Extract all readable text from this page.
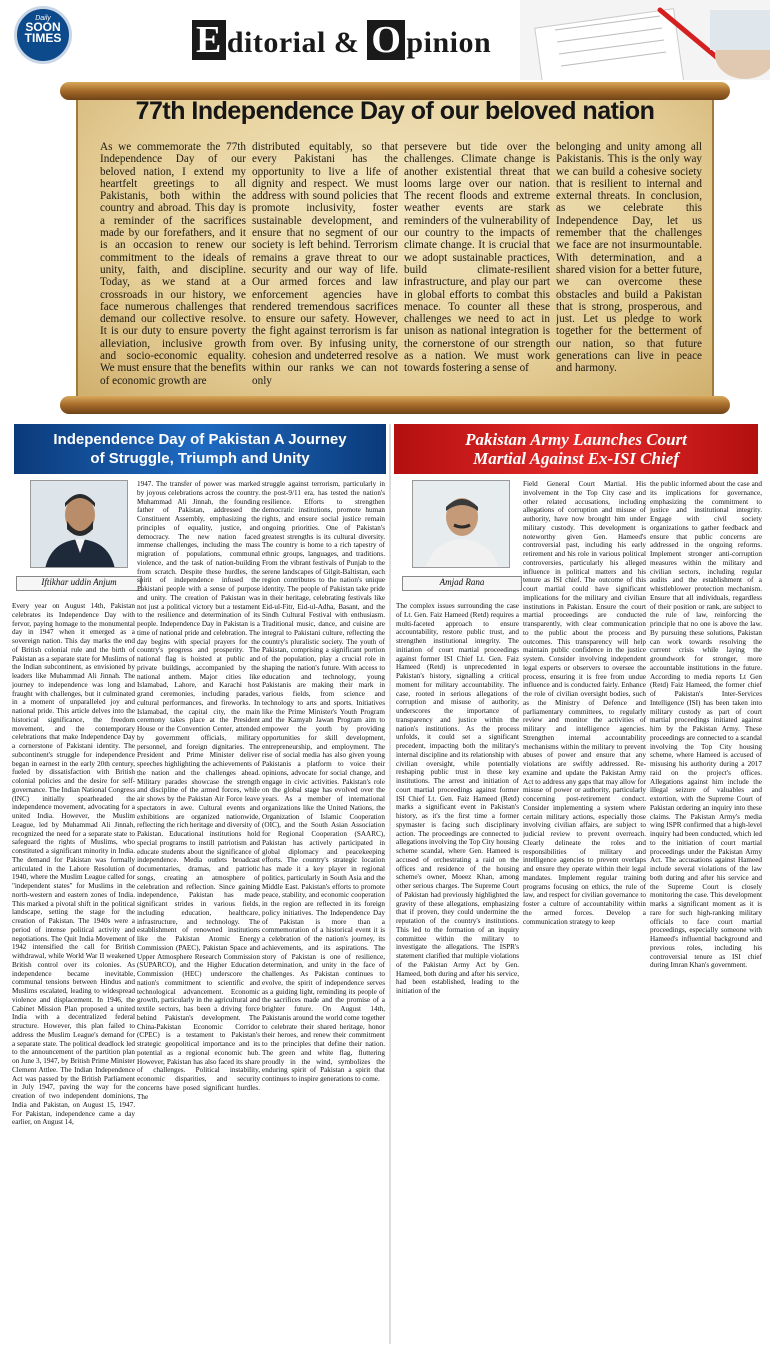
Daily
SOON
TIMES	E ditorial & O pinion
77th Independence Day of our beloved nation
As we commemorate the 77th Independence Day of our beloved nation, I extend my heartfelt greetings to all Pakistanis, both within the country and abroad. This day is a reminder of the sacrifices made by our forefathers, and it is an occasion to renew our commitment to the ideals of unity, faith, and discipline. Today, as we stand at a crossroads in our history, we face numerous challenges that demand our collective resolve. It is our duty to ensure poverty alleviation, inclusive growth and socio-economic equality. We must ensure that the benefits of economic growth are
distributed equitably, so that every Pakistani has the opportunity to live a life of dignity and respect. We must address with sound policies that promote inclusivity, foster sustainable development, and ensure that no segment of our society is left behind. Terrorism remains a grave threat to our security and our way of life. Our armed forces and law enforcement agencies have rendered tremendous sacrifices to ensure our safety. However, the fight against terrorism is far from over. By infusing unity, cohesion and undeterred resolve within our ranks we can not only
persevere but tide over the challenges. Climate change is another existential threat that looms large over our nation. The recent floods and extreme weather events are stark reminders of the vulnerability of our country to the impacts of climate change. It is crucial that we adopt sustainable practices, build climate-resilient infrastructure, and play our part in global efforts to combat this menace. To counter all these challenges we need to act in unison as national integration is the cornerstone of our strength as a nation. We must work towards fostering a sense of
belonging and unity among all Pakistanis. This is the only way we can build a cohesive society that is resilient to internal and external threats. In conclusion, as we celebrate this Independence Day, let us remember that the challenges we face are not insurmountable. With determination, and a shared vision for a better future, we can overcome these obstacles and build a Pakistan that is strong, prosperous, and just. Let us pledge to work together for the betterment of our nation, so that future generations can live in peace and harmony.
Independence Day of Pakistan A Journey
of Struggle, Triumph and Unity
Pakistan Army Launches Court
Martial Against Ex-ISI Chief
Iftikhar uddin Anjum
Every year on August 14th, Pakistan celebrates its Independence Day with fervor, paying homage to the monumental day in 1947 when it emerged as a sovereign nation. This day marks the end of British colonial rule and the birth of Pakistan as a separate state for Muslims of the Indian subcontinent, as envisioned by leaders like Muhammad Ali Jinnah. The journey to independence was long and fraught with challenges, but it culminated in a moment of unparalleled joy and national pride. This article delves into the historical significance, the freedom movement, and the contemporary celebrations that make Independence Day a cornerstone of Pakistani identity. The subcontinent's struggle for independence began in earnest in the early 20th century, fueled by dissatisfaction with British colonial policies and the desire for self-governance. The Indian National Congress (INC) initially spearheaded the independence movement, advocating for a united India. However, the Muslim League, led by Muhammad Ali Jinnah, recognized the need for a separate state to safeguard the rights of Muslims, who constituted a significant minority in India. The demand for Pakistan was formally articulated in the Lahore Resolution of 1940, where the Muslim League called for "independent states" for Muslims in the north-western and eastern zones of India. This marked a pivotal shift in the political landscape, setting the stage for the creation of Pakistan. The 1940s were a period of intense political activity and negotiations. The Quit India Movement of 1942 intensified the call for British withdrawal, while World War II weakened British control over its colonies. As independence became inevitable, communal tensions between Hindus and Muslims escalated, leading to widespread violence and displacement. In 1946, the Cabinet Mission Plan proposed a united India with a decentralized federal structure. However, this plan failed to address the Muslim League's demand for a separate state. The political deadlock led to the announcement of the partition plan on June 3, 1947, by British Prime Minister Clement Attlee. The Indian Independence Act was passed by the British Parliament in July 1947, paving the way for the creation of two independent dominions, India and Pakistan, on August 15, 1947. For Pakistan, independence came a day earlier, on August 14,
1947. The transfer of power was marked by joyous celebrations across the country. Muhammad Ali Jinnah, the founding father of Pakistan, addressed the Constituent Assembly, emphasizing the principles of equality, justice, and democracy. The new nation faced immense challenges, including the mass migration of populations, communal violence, and the task of nation-building from scratch. Despite these hurdles, the spirit of independence infused the Pakistani people with a sense of purpose and unity. The creation of Pakistan was not just a political victory but a testament to the resilience and determination of its people. Independence Day in Pakistan is a time of national pride and celebration. The day begins with special prayers for the country's progress and prosperity. The national flag is hoisted at public and private buildings, accompanied by the national anthem. Major cities like Islamabad, Lahore, and Karachi host grand ceremonies, including parades, cultural performances, and fireworks. In Islamabad, the capital city, the main ceremony takes place at the President House or the Convention Center, attended by government officials, military personnel, and foreign dignitaries. The President and Prime Minister deliver speeches highlighting the achievements of the nation and the challenges ahead. Military parades showcase the strength and discipline of the armed forces, while air shows by the Pakistan Air Force leave spectators in awe. Cultural events and exhibitions are organized nationwide, reflecting the rich heritage and diversity of Pakistan. Educational institutions hold special programs to instill patriotism and educate students about the significance of independence. Media outlets broadcast documentaries, dramas, and patriotic songs, creating an atmosphere of celebration and reflection. Since gaining independence, Pakistan has made significant strides in various fields, including education, healthcare, infrastructure, and technology. The establishment of renowned institutions like the Pakistan Atomic Energy Commission (PAEC), Pakistan Space and Upper Atmosphere Research Commission (SUPARCO), and the Higher Education Commission (HEC) underscore the nation's commitment to scientific and technological advancement. Economic growth, particularly in the agricultural and textile sectors, has been a driving force behind Pakistan's development. The China-Pakistan Economic Corridor (CPEC) is a testament to Pakistan's strategic geopolitical importance and its potential as a regional economic hub. However, Pakistan has also faced its share of challenges. Political instability, economic disparities, and security concerns have posed significant hurdles. The
struggle against terrorism, particularly in the post-9/11 era, has tested the nation's resilience. Efforts to strengthen democratic institutions, promote human rights, and ensure social justice remain ongoing priorities. One of Pakistan's greatest strengths is its cultural diversity. The country is home to a rich tapestry of ethnic groups, languages, and traditions. From the vibrant festivals of Punjab to the serene landscapes of Gilgit-Baltistan, each region contributes to the nation's unique identity. The people of Pakistan take pride in their heritage, celebrating festivals like Eid-ul-Fitr, Eid-ul-Adha, Basant, and the Sindh Cultural Festival with enthusiasm. Traditional music, dance, and cuisine are integral to Pakistani culture, reflecting the country's pluralistic society. The youth of Pakistan, comprising a significant portion of the population, play a crucial role in shaping the nation's future. With access to education and technology, young Pakistanis are making their mark in various fields, from science and technology to arts and sports. Initiatives like the Prime Minister's Youth Program and the Kamyab Jawan Program aim to empower the youth by providing opportunities for skill development, entrepreneurship, and employment. The rise of social media has also given young Pakistanis a platform to voice their opinions, advocate for social change, and engage in civic activities. Pakistan's role on the global stage has evolved over the years. As a member of international organizations like the United Nations, the Organization of Islamic Cooperation (OIC), and the South Asian Association for Regional Cooperation (SAARC), Pakistan has actively participated in global diplomacy and peacekeeping efforts. The country's strategic location has made it a key player in regional politics, particularly in South Asia and the Middle East. Pakistan's efforts to promote peace, stability, and economic cooperation in the region are reflected in its foreign policy initiatives. The Independence Day of Pakistan is more than a commemoration of a historical event it is a celebration of the nation's journey, its achievements, and its aspirations. The story of Pakistan is one of resilience, determination, and unity in the face of challenges. As Pakistan continues to evolve, the spirit of independence serves as a guiding light, reminding its people of the sacrifices made and the promise of a brighter future. On August 14th, Pakistanis around the world come together to celebrate their shared heritage, honor their heroes, and renew their commitment to the principles that define their nation. The green and white flag, fluttering proudly in the wind, symbolizes the enduring spirit of Pakistan a spirit that continues to inspire generations to come.
Amjad Rana
The complex issues surrounding the case of Lt. Gen. Faiz Hameed (Retd) requires a multi-faceted approach to ensure accountability, restore public trust, and strengthen institutional integrity. The initiation of court martial proceedings against former ISI Chief Lt. Gen. Faiz Hameed (Retd) is unprecedented in Pakistan's history, signalling a critical moment for military accountability. The case, rooted in serious allegations of corruption and misuse of authority, underscores the importance of transparency and justice within the nation's institutions. As the process unfolds, it could set a significant precedent, impacting both the military's internal discipline and its relationship with civilian oversight, while potentially reshaping public trust in these key institutions. The arrest and initiation of court martial proceedings against former ISI Chief Lt. Gen. Faiz Hameed (Retd) marks a significant event in Pakistan's history, as it's the first time a former spymaster is facing such disciplinary action. The proceedings are connected to allegations involving the Top City housing scheme scandal, where Gen. Hameed is accused of orchestrating a raid on the offices and residence of the housing scheme's owner, Moeez Khan, among other serious charges. The Supreme Court of Pakistan had previously highlighted the gravity of these allegations, emphasizing that if proven, they could undermine the reputation of the country's institutions. This led to the formation of an inquiry committee within the military to investigate the allegations. The ISPR's statement clarified that multiple violations of the Pakistan Army Act by Gen. Hameed, both during and after his service, had been established, leading to the initiation of the
Field General Court Martial. His involvement in the Top City case and other related accusations, including allegations of corruption and misuse of authority, have now brought him under military custody. This development is noteworthy given Gen. Hameed's controversial past, including his early retirement and his role in various political controversies, particularly his alleged influence in political matters and his tenure as ISI chief. The outcome of this court martial could have significant implications for the military and civilian institutions in Pakistan. Ensure the court martial proceedings are conducted transparently, with clear communication to the public about the process and outcomes. This transparency will help maintain public confidence in the justice system. Consider involving independent legal experts or observers to oversee the process, ensuring it is free from undue influence and is conducted fairly. Enhance the role of civilian oversight bodies, such as the Ministry of Defence and parliamentary committees, to regularly review and monitor the activities of military and intelligence agencies. Strengthen internal accountability mechanisms within the military to prevent abuses of power and ensure that any violations are swiftly addressed. Re-examine and update the Pakistan Army Act to address any gaps that may allow for misuse of power or authority, particularly concerning post-retirement conduct. Consider implementing a system where certain military actions, especially those involving civilian affairs, are subject to judicial review to prevent overreach. Clearly delineate the roles and responsibilities of military and intelligence agencies to prevent overlaps and ensure they operate within their legal mandates. Implement regular training programs focusing on ethics, the rule of law, and respect for civilian governance to foster a culture of accountability within the armed forces. Develop a communication strategy to keep
the public informed about the case and its implications for governance, emphasizing the commitment to justice and institutional integrity. Engage with civil society organizations to gather feedback and ensure that public concerns are addressed in the ongoing reforms. Implement stronger anti-corruption measures within the military and civilian sectors, including regular audits and the establishment of a whistleblower protection mechanism. Ensure that all individuals, regardless of their position or rank, are subject to the rule of law, reinforcing the principle that no one is above the law. By pursuing these solutions, Pakistan can work towards resolving the current crisis while laying the groundwork for stronger, more accountable institutions in the future. According to media reports Lt Gen (Retd) Faiz Hameed, the former chief of Pakistan's Inter-Services Intelligence (ISI) has been taken into military custody as part of court martial proceedings initiated against him by the Pakistan Army. These proceedings are connected to a scandal involving the Top City housing scheme, where Hameed is accused of misusing his authority during a 2017 raid on the project's offices. Allegations against him include the illegal seizure of valuables and extortion, with the Supreme Court of Pakistan ordering an inquiry into these claims. The Pakistan Army's media wing ISPR confirmed that a high-level inquiry had been conducted, which led to the initiation of court martial proceedings under the Pakistan Army Act. The accusations against Hameed include several violations of the law both during and after his service and the Supreme Court is closely monitoring the case. This development marks a significant moment as it is rare for such high-ranking military officials to face court martial proceedings, especially someone with Hameed's influential background and previous roles, including his controversial tenure as ISI chief during Imran Khan's government.
